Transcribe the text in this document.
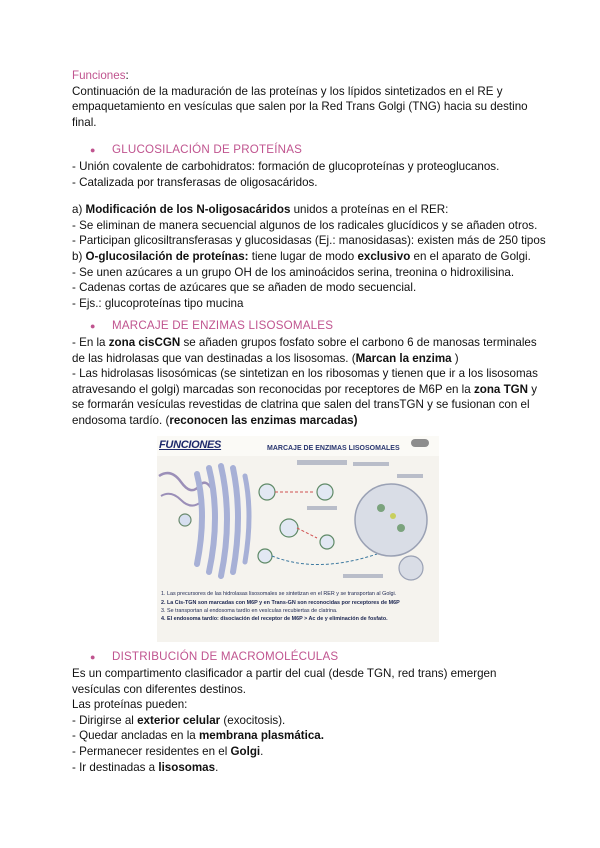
Funciones:
Continuación de la maduración de las proteínas y los lípidos sintetizados en el RE y
empaquetamiento en vesículas que salen por la Red Trans Golgi (TNG) hacia su destino
final.
● GLUCOSILACIÓN DE PROTEÍNAS
- Unión covalente de carbohidratos: formación de glucoproteínas y proteoglucanos.
- Catalizada por transferasas de oligosacáridos.
a) Modificación de los N-oligosacáridos unidos a proteínas en el RER:
- Se eliminan de manera secuencial algunos de los radicales glucídicos y se añaden otros.
- Participan glicosiltransferasas y glucosidasas (Ej.: manosidasas): existen más de 250 tipos
b) O-glucosilación de proteínas: tiene lugar de modo exclusivo en el aparato de Golgi.
- Se unen azúcares a un grupo OH de los aminoácidos serina, treonina o hidroxilisina.
- Cadenas cortas de azúcares que se añaden de modo secuencial.
- Ejs.: glucoproteínas tipo mucina
● MARCAJE DE ENZIMAS LISOSOMALES
- En la zona cisCGN se añaden grupos fosfato sobre el carbono 6 de manosas terminales
de las hidrolasas que van destinadas a los lisosomas. (Marcan la enzima )
- Las hidrolasas lisosómicas (se sintetizan en los ribosomas y tienen que ir a los lisosomas
atravesando el golgi) marcadas son reconocidas por receptores de M6P en la zona TGN y
se formarán vesículas revestidas de clatrina que salen del transTGN y se fusionan con el
endosoma tardío. (reconocen las enzimas marcadas)
FUNCIONES	MARCAJE DE ENZIMAS LISOSOMALES
1. Las precursores de las hidrolasas lisosomales se sintetizan en el RER y se transportan al Golgi.
2. La Cis-TGN son marcadas con M6P y en Trans-GN son reconocidas por receptores de M6P
3. Se transportan al endosoma tardío en vesículas recubiertas de clatrina.
4. El endosoma tardío: disociación del receptor de M6P > Ac de y eliminación de fosfato.
● DISTRIBUCIÓN DE MACROMOLÉCULAS
Es un compartimento clasificador a partir del cual (desde TGN, red trans) emergen
vesículas con diferentes destinos.
Las proteínas pueden:
- Dirigirse al exterior celular (exocitosis).
- Quedar ancladas en la membrana plasmática.
- Permanecer residentes en el Golgi.
- Ir destinadas a lisosomas.
